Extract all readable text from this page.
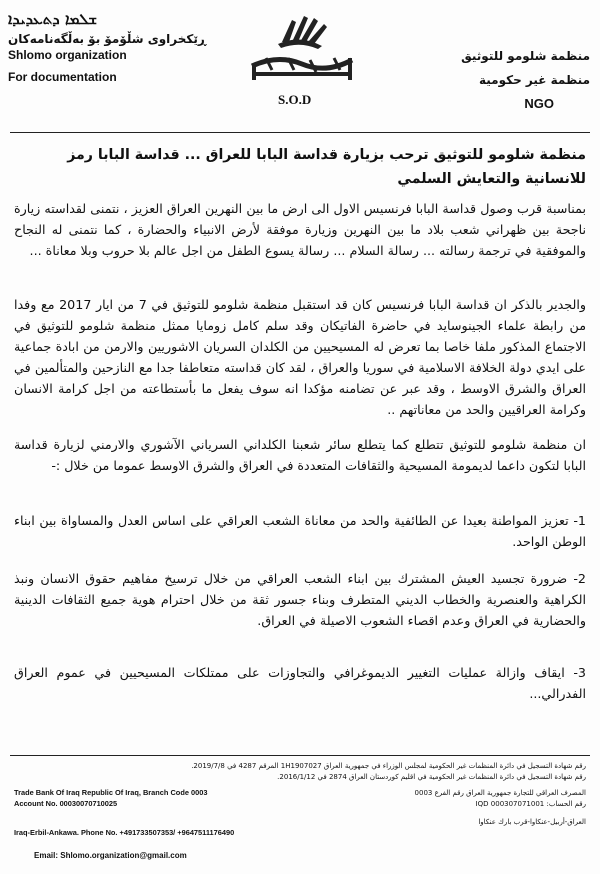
ܫܠܡܐ ܕܬܥܕܝܕܐ
ڕێکخراوی شڵۆمۆ بۆ بەڵگەنامەکان
Shlomo organization
For documentation
S.O.D
منظمة شلومو للتوثيق
منظمة غير حكومية
NGO
منظمة شلومو للتوثيق ترحب بزيارة قداسة البابا للعراق ... قداسة البابا رمز للانسانية والتعايش السلمي
بمناسبة قرب وصول قداسة البابا فرنسيس الاول الى ارض ما بين النهرين العراق العزيز ، نتمنى لقداسته زيارة ناجحة بين ظهراني شعب بلاد ما بين النهرين وزيارة موفقة لأرض الانبياء والحضارة ، كما نتمنى له النجاح والموفقية في ترجمة رسالته ... رسالة السلام ... رسالة يسوع الطفل من اجل عالم بلا حروب وبلا معاناة ...
والجدير بالذكر ان قداسة البابا فرنسيس كان قد استقبل منظمة شلومو للتوثيق في 7 من ايار 2017 مع وفدا من رابطة علماء الجينوسايد في حاضرة الفاتيكان وقد سلم كامل زومايا ممثل منظمة شلومو للتوثيق في الاجتماع المذكور ملفا خاصا بما تعرض له المسيحيين من الكلدان السريان الاشوريين والارمن من ابادة جماعية على ايدي دولة الخلافة الاسلامية في سوريا والعراق ، لقد كان قداسته متعاطفا جدا مع النازحين والمتألمين في العراق والشرق الاوسط ، وقد عبر عن تضامنه مؤكدا انه سوف يفعل ما بأستطاعته من اجل كرامة الانسان وكرامة العراقيين والحد من معاناتهم ..
ان منظمة شلومو للتوثيق تتطلع كما يتطلع سائر شعبنا الكلداني السرياني الآشوري والارمني لزيارة قداسة البابا لتكون داعما لديمومة المسيحية والثقافات المتعددة في العراق والشرق الاوسط عموما من خلال :-
1- تعزيز المواطنة بعيدا عن الطائفية والحد من معاناة الشعب العراقي على اساس العدل والمساواة بين ابناء الوطن الواحد.
2- ضرورة تجسيد العيش المشترك بين ابناء الشعب العراقي من خلال ترسيخ مفاهيم حقوق الانسان ونبذ الكراهية والعنصرية والخطاب الديني المتطرف وبناء جسور ثقة من خلال احترام هوية جميع الثقافات الدينية والحضارية في العراق وعدم اقصاء الشعوب الاصيلة في العراق.
3- ايقاف وازالة عمليات التغيير الديموغرافي والتجاوزات على ممتلكات المسيحيين في عموم العراق الفدرالي...
رقم شهادة التسجيل في دائرة المنظمات غير الحكومية لمجلس الوزراء في جمهورية العراق 1H1907027 المرقم 4287 في 2019/7/8.
رقم شهادة التسجيل في دائرة المنظمات غير الحكومية في اقليم كوردستان العراق 2874 في 2016/1/12.
المصرف العراقي للتجارة جمهورية العراق رقم الفرع 0003
رقم الحساب: 000307071001 IQD
Trade Bank Of Iraq Republic Of Iraq, Branch Code 0003
Account No. 00030070710025
العراق-أربيل-عنكاوا-قرب بارك عنكاوا
Iraq-Erbil-Ankawa. Phone No. +491733507353/ +9647511176490
Email: Shlomo.organization@gmail.com
